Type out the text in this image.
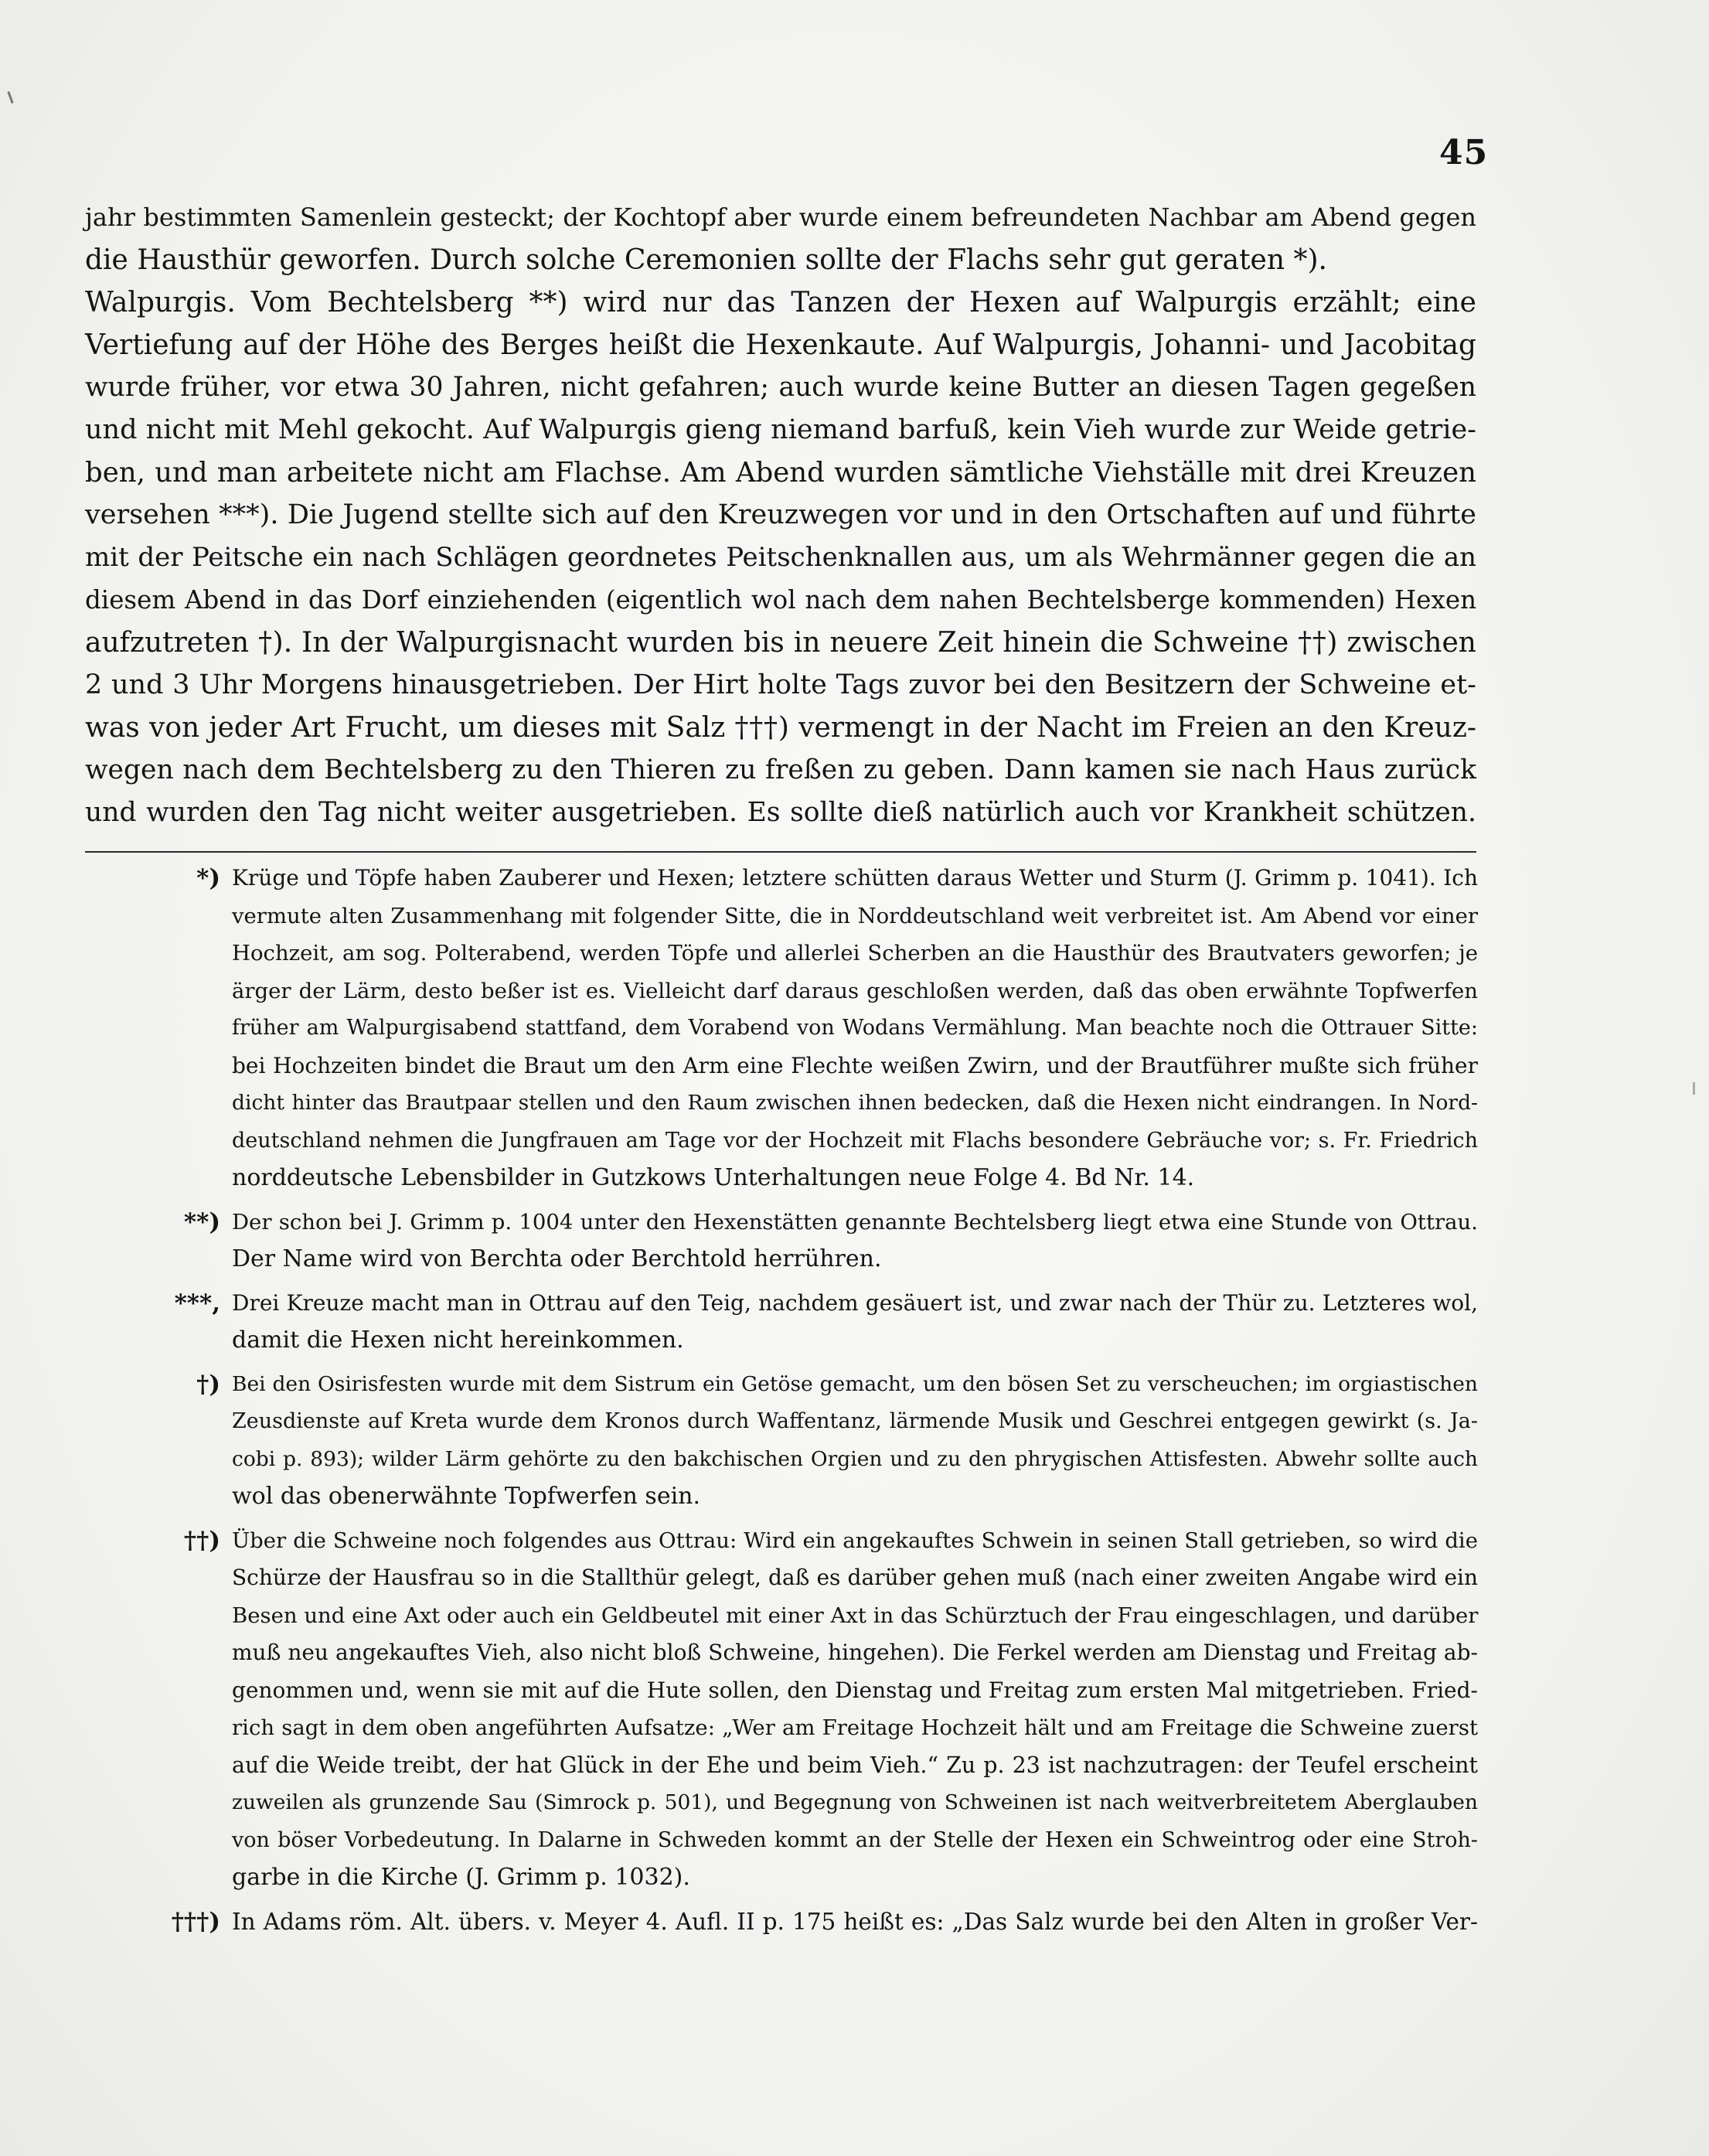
45
jahr bestimmten Samenlein gesteckt; der Kochtopf aber wurde einem befreundeten Nachbar am Abend gegen
die Hausthür geworfen. Durch solche Ceremonien sollte der Flachs sehr gut geraten *).
Walpurgis. Vom Bechtelsberg **) wird nur das Tanzen der Hexen auf Walpurgis erzählt; eine
Vertiefung auf der Höhe des Berges heißt die Hexenkaute. Auf Walpurgis, Johanni- und Jacobitag
wurde früher, vor etwa 30 Jahren, nicht gefahren; auch wurde keine Butter an diesen Tagen gegeßen
und nicht mit Mehl gekocht. Auf Walpurgis gieng niemand barfuß, kein Vieh wurde zur Weide getrie-
ben, und man arbeitete nicht am Flachse. Am Abend wurden sämtliche Viehställe mit drei Kreuzen
versehen ***). Die Jugend stellte sich auf den Kreuzwegen vor und in den Ortschaften auf und führte
mit der Peitsche ein nach Schlägen geordnetes Peitschenknallen aus, um als Wehrmänner gegen die an
diesem Abend in das Dorf einziehenden (eigentlich wol nach dem nahen Bechtelsberge kommenden) Hexen
aufzutreten †). In der Walpurgisnacht wurden bis in neuere Zeit hinein die Schweine ††) zwischen
2 und 3 Uhr Morgens hinausgetrieben. Der Hirt holte Tags zuvor bei den Besitzern der Schweine et-
was von jeder Art Frucht, um dieses mit Salz †††) vermengt in der Nacht im Freien an den Kreuz-
wegen nach dem Bechtelsberg zu den Thieren zu freßen zu geben. Dann kamen sie nach Haus zurück
und wurden den Tag nicht weiter ausgetrieben. Es sollte dieß natürlich auch vor Krankheit schützen.
*) Krüge und Töpfe haben Zauberer und Hexen; letztere schütten daraus Wetter und Sturm (J. Grimm p. 1041). Ich
vermute alten Zusammenhang mit folgender Sitte, die in Norddeutschland weit verbreitet ist. Am Abend vor einer
Hochzeit, am sog. Polterabend, werden Töpfe und allerlei Scherben an die Hausthür des Brautvaters geworfen; je
ärger der Lärm, desto beßer ist es. Vielleicht darf daraus geschloßen werden, daß das oben erwähnte Topfwerfen
früher am Walpurgisabend stattfand, dem Vorabend von Wodans Vermählung. Man beachte noch die Ottrauer Sitte:
bei Hochzeiten bindet die Braut um den Arm eine Flechte weißen Zwirn, und der Brautführer mußte sich früher
dicht hinter das Brautpaar stellen und den Raum zwischen ihnen bedecken, daß die Hexen nicht eindrangen. In Nord-
deutschland nehmen die Jungfrauen am Tage vor der Hochzeit mit Flachs besondere Gebräuche vor; s. Fr. Friedrich
norddeutsche Lebensbilder in Gutzkows Unterhaltungen neue Folge 4. Bd Nr. 14.
**) Der schon bei J. Grimm p. 1004 unter den Hexenstätten genannte Bechtelsberg liegt etwa eine Stunde von Ottrau.
Der Name wird von Berchta oder Berchtold herrühren.
***, Drei Kreuze macht man in Ottrau auf den Teig, nachdem gesäuert ist, und zwar nach der Thür zu. Letzteres wol,
damit die Hexen nicht hereinkommen.
†) Bei den Osirisfesten wurde mit dem Sistrum ein Getöse gemacht, um den bösen Set zu verscheuchen; im orgiastischen
Zeusdienste auf Kreta wurde dem Kronos durch Waffentanz, lärmende Musik und Geschrei entgegen gewirkt (s. Ja-
cobi p. 893); wilder Lärm gehörte zu den bakchischen Orgien und zu den phrygischen Attisfesten. Abwehr sollte auch
wol das obenerwähnte Topfwerfen sein.
††) Über die Schweine noch folgendes aus Ottrau: Wird ein angekauftes Schwein in seinen Stall getrieben, so wird die
Schürze der Hausfrau so in die Stallthür gelegt, daß es darüber gehen muß (nach einer zweiten Angabe wird ein
Besen und eine Axt oder auch ein Geldbeutel mit einer Axt in das Schürztuch der Frau eingeschlagen, und darüber
muß neu angekauftes Vieh, also nicht bloß Schweine, hingehen). Die Ferkel werden am Dienstag und Freitag ab-
genommen und, wenn sie mit auf die Hute sollen, den Dienstag und Freitag zum ersten Mal mitgetrieben. Fried-
rich sagt in dem oben angeführten Aufsatze: „Wer am Freitage Hochzeit hält und am Freitage die Schweine zuerst
auf die Weide treibt, der hat Glück in der Ehe und beim Vieh.“ Zu p. 23 ist nachzutragen: der Teufel erscheint
zuweilen als grunzende Sau (Simrock p. 501), und Begegnung von Schweinen ist nach weitverbreitetem Aberglauben
von böser Vorbedeutung. In Dalarne in Schweden kommt an der Stelle der Hexen ein Schweintrog oder eine Stroh-
garbe in die Kirche (J. Grimm p. 1032).
†††) In Adams röm. Alt. übers. v. Meyer 4. Aufl. II p. 175 heißt es: „Das Salz wurde bei den Alten in großer Ver-
